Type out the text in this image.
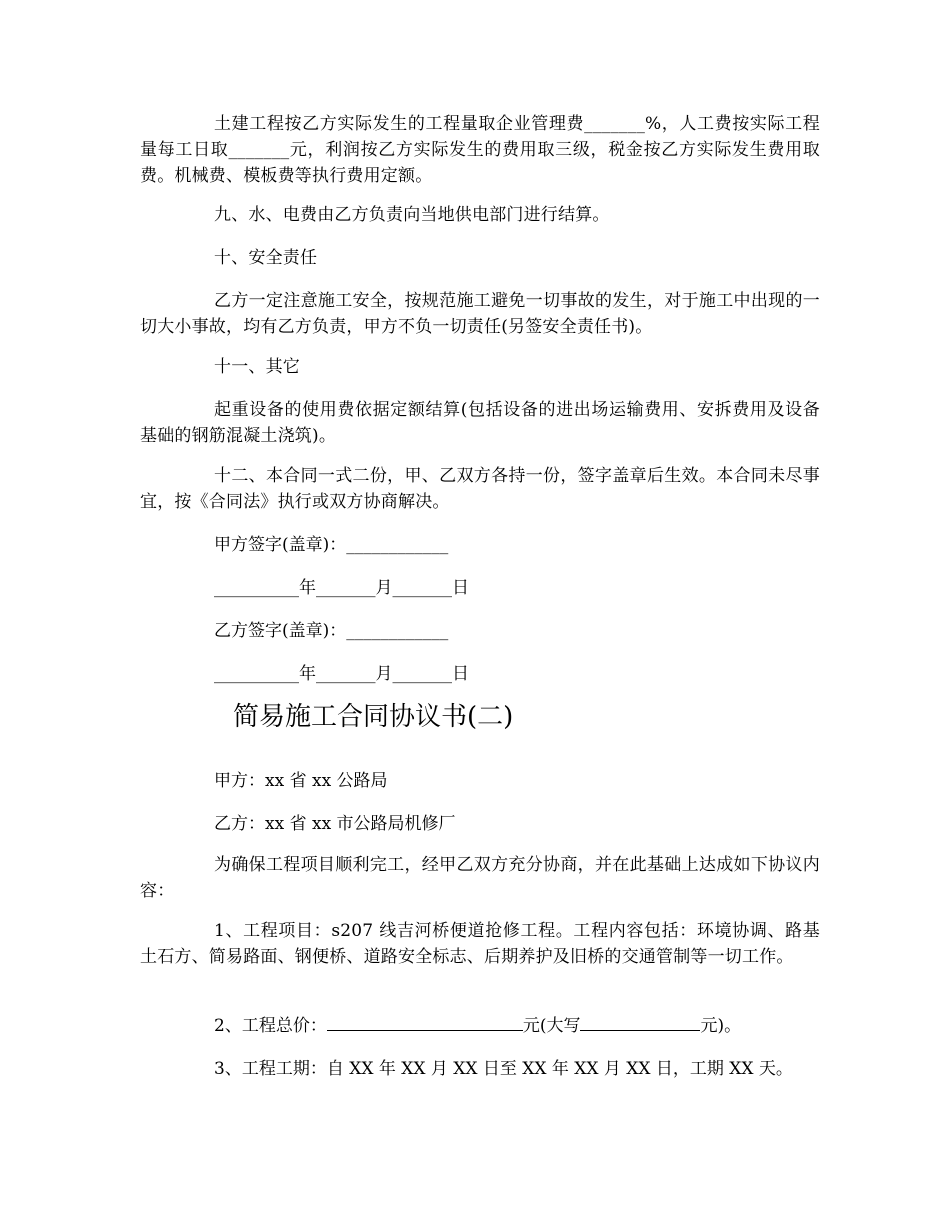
土建工程按乙方实际发生的工程量取企业管理费_______%，人工费按实际工程量每工日取_______元，利润按乙方实际发生的费用取三级，税金按乙方实际发生费用取费。机械费、模板费等执行费用定额。

九、水、电费由乙方负责向当地供电部门进行结算。

十、安全责任

乙方一定注意施工安全，按规范施工避免一切事故的发生，对于施工中出现的一切大小事故，均有乙方负责，甲方不负一切责任(另签安全责任书)。

十一、其它

起重设备的使用费依据定额结算(包括设备的进出场运输费用、安拆费用及设备基础的钢筋混凝土浇筑)。

十二、本合同一式二份，甲、乙双方各持一份，签字盖章后生效。本合同未尽事宜，按《合同法》执行或双方协商解决。

甲方签字(盖章)：____________

__________年_______月_______日

乙方签字(盖章)：____________

__________年_______月_______日

简易施工合同协议书(二)

甲方：xx 省 xx 公路局

乙方：xx 省 xx 市公路局机修厂

为确保工程项目顺利完工，经甲乙双方充分协商，并在此基础上达成如下协议内容：

1、工程项目：s207 线吉河桥便道抢修工程。工程内容包括：环境协调、路基土石方、简易路面、钢便桥、道路安全标志、后期养护及旧桥的交通管制等一切工作。

2、工程总价：	元(大写	元)。

3、工程工期：自 XX 年 XX 月 XX 日至 XX 年 XX 月 XX 日，工期 XX 天。
